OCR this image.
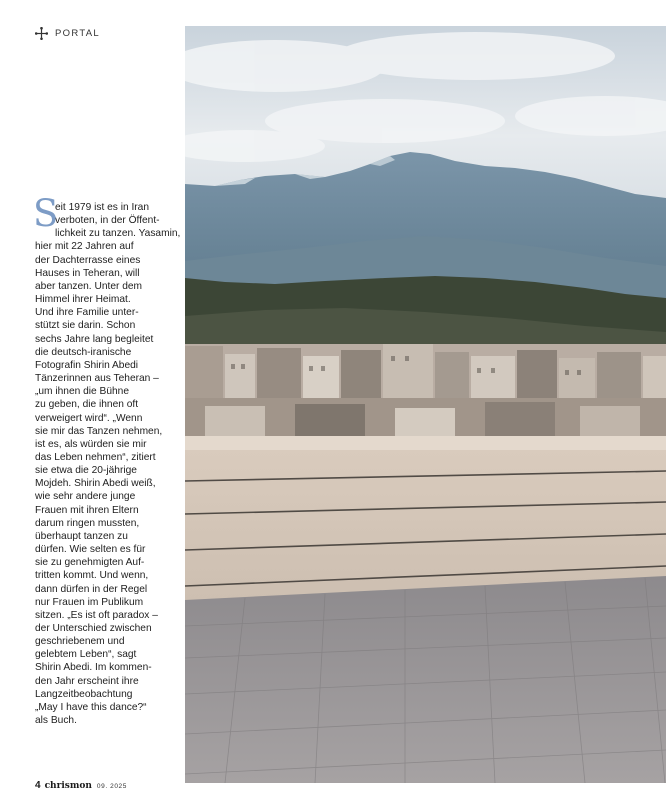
PORTAL
S
eit 1979 ist es in Iran
verboten, in der Öffent-
lichkeit zu tanzen. Yasamin,
hier mit 22 Jahren auf
der Dachterrasse eines
Hauses in Teheran, will
aber tanzen. Unter dem
Himmel ihrer Heimat.
Und ihre Familie unter-
stützt sie darin. Schon
sechs Jahre lang begleitet
die deutsch-iranische
Fotografin Shirin Abedi
Tänzerinnen aus Teheran –
„um ihnen die Bühne
zu geben, die ihnen oft
verweigert wird“. „Wenn
sie mir das Tanzen nehmen,
ist es, als würden sie mir
das Leben nehmen“, zitiert
sie etwa die 20-jährige
Mojdeh. Shirin Abedi weiß,
wie sehr andere junge
Frauen mit ihren Eltern
darum ringen mussten,
überhaupt tanzen zu
dürfen. Wie selten es für
sie zu genehmigten Auf-
tritten kommt. Und wenn,
dann dürfen in der Regel
nur Frauen im Publikum
sitzen. „Es ist oft paradox –
der Unterschied zwischen
geschriebenem und
gelebtem Leben“, sagt
Shirin Abedi. Im kommen-
den Jahr erscheint ihre
Langzeitbeobachtung
„May I have this dance?“
als Buch.
4 chrismon 09. 2025
